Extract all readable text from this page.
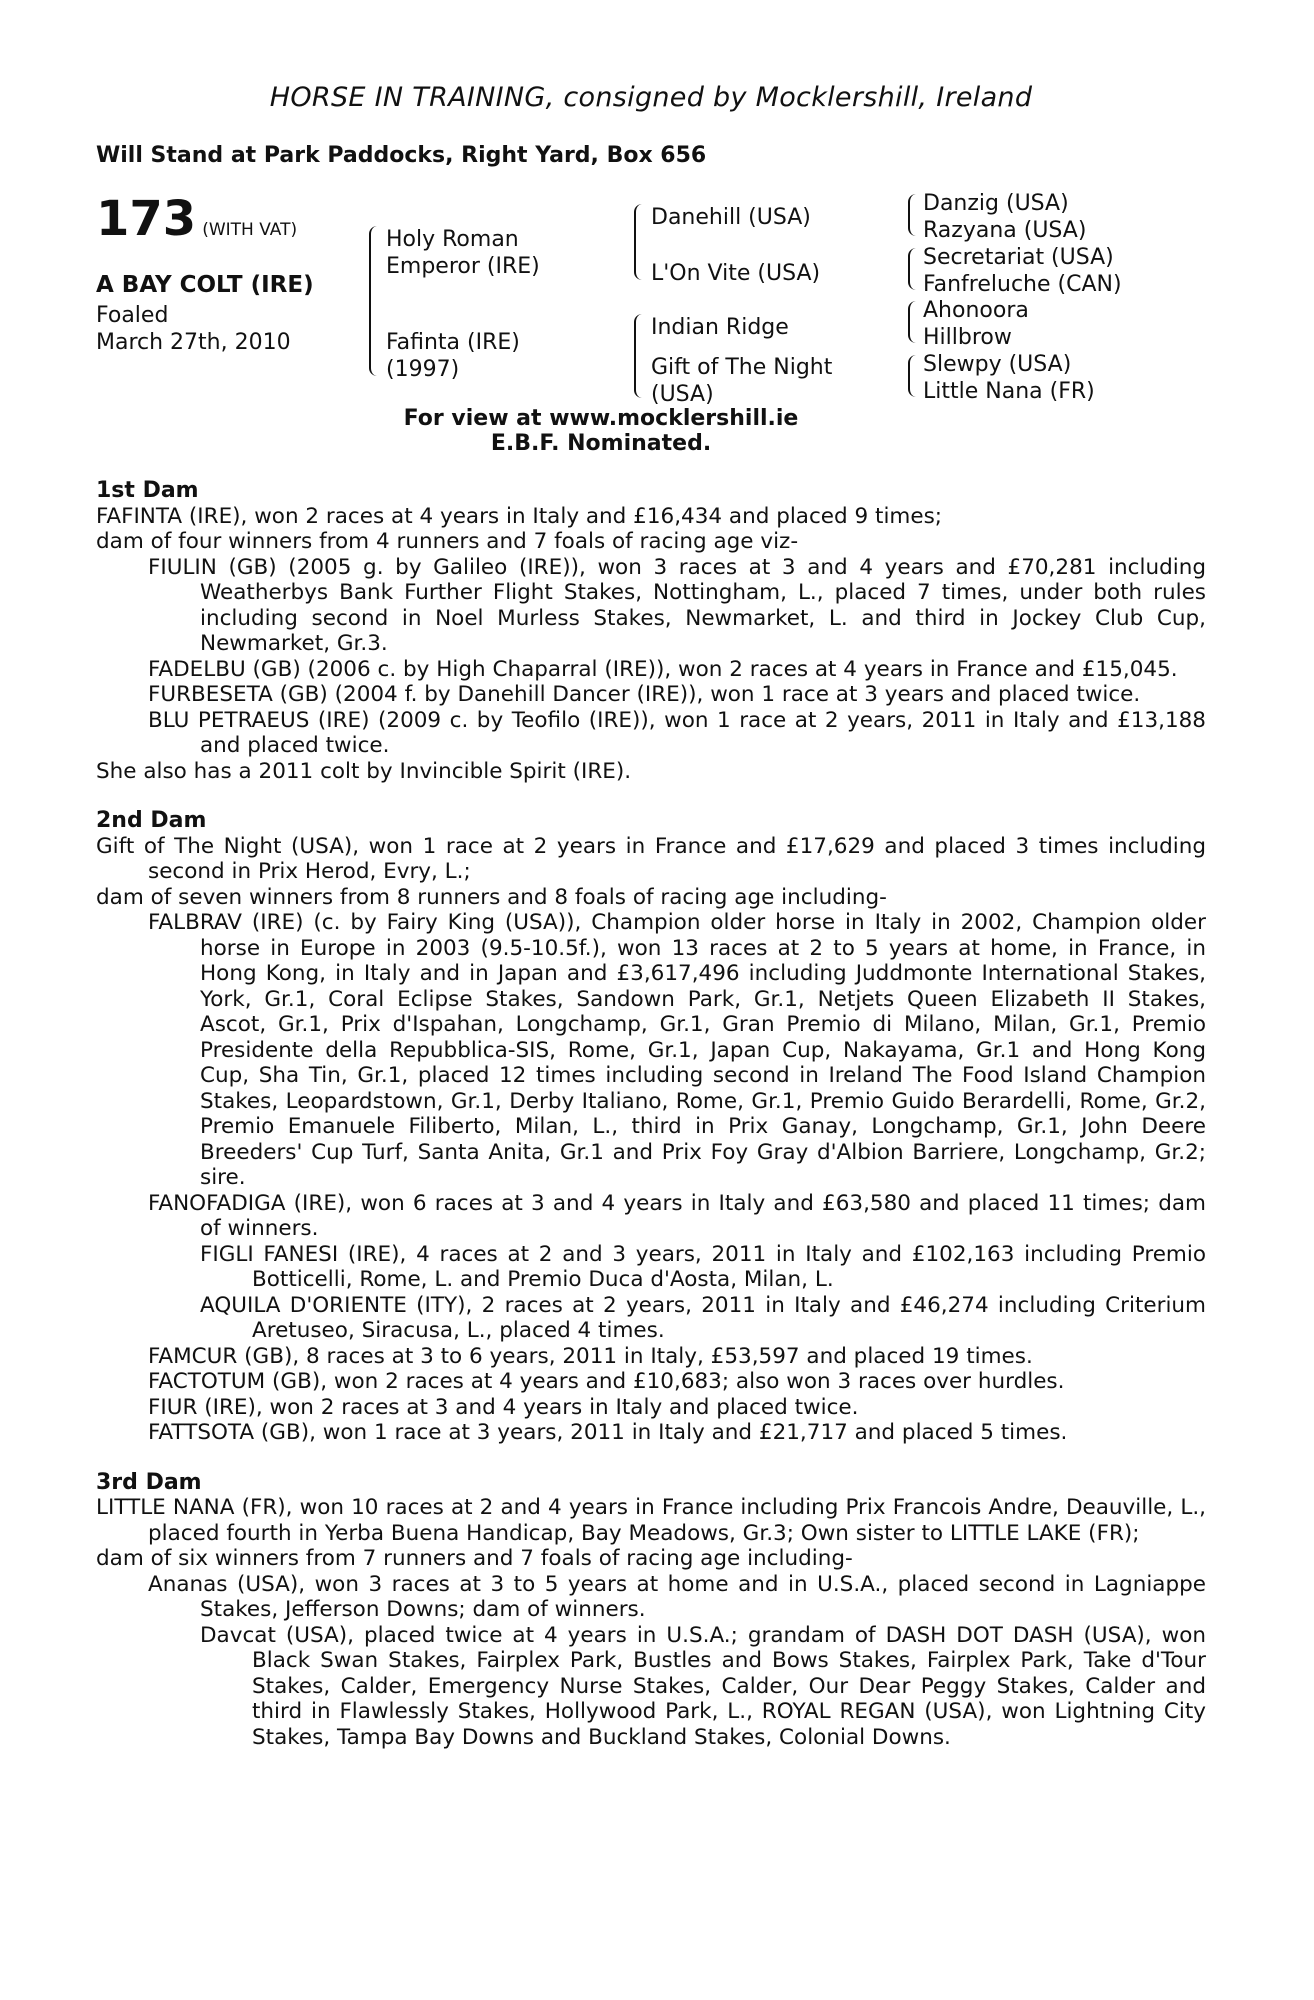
HORSE IN TRAINING, consigned by Mocklershill, Ireland
Will Stand at Park Paddocks, Right Yard, Box 656
173 (WITH VAT)
A BAY COLT (IRE)
Foaled
March 27th, 2010
Holy Roman Emperor (IRE)
Fafinta (IRE)
(1997)
Danehill (USA)
L'On Vite (USA)
Indian Ridge
Gift of The Night
(USA)
Danzig (USA)
Razyana (USA)
Secretariat (USA)
Fanfreluche (CAN)
Ahonoora
Hillbrow
Slewpy (USA)
Little Nana (FR)
For view at www.mocklershill.ie
E.B.F. Nominated.
1st Dam

FAFINTA (IRE), won 2 races at 4 years in Italy and £16,434 and placed 9 times;

dam of four winners from 4 runners and 7 foals of racing age viz-

FIULIN (GB) (2005 g. by Galileo (IRE)), won 3 races at 3 and 4 years and £70,281 including Weatherbys Bank Further Flight Stakes, Nottingham, L., placed 7 times, under both rules including second in Noel Murless Stakes, Newmarket, L. and third in Jockey Club Cup, Newmarket, Gr.3.

FADELBU (GB) (2006 c. by High Chaparral (IRE)), won 2 races at 4 years in France and £15,045.

FURBESETA (GB) (2004 f. by Danehill Dancer (IRE)), won 1 race at 3 years and placed twice.

BLU PETRAEUS (IRE) (2009 c. by Teofilo (IRE)), won 1 race at 2 years, 2011 in Italy and £13,188 and placed twice.

She also has a 2011 colt by Invincible Spirit (IRE).

2nd Dam

Gift of The Night (USA), won 1 race at 2 years in France and £17,629 and placed 3 times including second in Prix Herod, Evry, L.;

dam of seven winners from 8 runners and 8 foals of racing age including-

FALBRAV (IRE) (c. by Fairy King (USA)), Champion older horse in Italy in 2002, Champion older horse in Europe in 2003 (9.5-10.5f.), won 13 races at 2 to 5 years at home, in France, in Hong Kong, in Italy and in Japan and £3,617,496 including Juddmonte International Stakes, York, Gr.1, Coral Eclipse Stakes, Sandown Park, Gr.1, Netjets Queen Elizabeth II Stakes, Ascot, Gr.1, Prix d'Ispahan, Longchamp, Gr.1, Gran Premio di Milano, Milan, Gr.1, Premio Presidente della Repubblica-SIS, Rome, Gr.1, Japan Cup, Nakayama, Gr.1 and Hong Kong Cup, Sha Tin, Gr.1, placed 12 times including second in Ireland The Food Island Champion Stakes, Leopardstown, Gr.1, Derby Italiano, Rome, Gr.1, Premio Guido Berardelli, Rome, Gr.2, Premio Emanuele Filiberto, Milan, L., third in Prix Ganay, Longchamp, Gr.1, John Deere Breeders' Cup Turf, Santa Anita, Gr.1 and Prix Foy Gray d'Albion Barriere, Longchamp, Gr.2; sire.

FANOFADIGA (IRE), won 6 races at 3 and 4 years in Italy and £63,580 and placed 11 times; dam of winners.

FIGLI FANESI (IRE), 4 races at 2 and 3 years, 2011 in Italy and £102,163 including Premio Botticelli, Rome, L. and Premio Duca d'Aosta, Milan, L.

AQUILA D'ORIENTE (ITY), 2 races at 2 years, 2011 in Italy and £46,274 including Criterium Aretuseo, Siracusa, L., placed 4 times.

FAMCUR (GB), 8 races at 3 to 6 years, 2011 in Italy, £53,597 and placed 19 times.

FACTOTUM (GB), won 2 races at 4 years and £10,683; also won 3 races over hurdles.

FIUR (IRE), won 2 races at 3 and 4 years in Italy and placed twice.

FATTSOTA (GB), won 1 race at 3 years, 2011 in Italy and £21,717 and placed 5 times.

3rd Dam

LITTLE NANA (FR), won 10 races at 2 and 4 years in France including Prix Francois Andre, Deauville, L., placed fourth in Yerba Buena Handicap, Bay Meadows, Gr.3; Own sister to LITTLE LAKE (FR);

dam of six winners from 7 runners and 7 foals of racing age including-

Ananas (USA), won 3 races at 3 to 5 years at home and in U.S.A., placed second in Lagniappe Stakes, Jefferson Downs; dam of winners.

Davcat (USA), placed twice at 4 years in U.S.A.; grandam of DASH DOT DASH (USA), won Black Swan Stakes, Fairplex Park, Bustles and Bows Stakes, Fairplex Park, Take d'Tour Stakes, Calder, Emergency Nurse Stakes, Calder, Our Dear Peggy Stakes, Calder and third in Flawlessly Stakes, Hollywood Park, L., ROYAL REGAN (USA), won Lightning City Stakes, Tampa Bay Downs and Buckland Stakes, Colonial Downs.
